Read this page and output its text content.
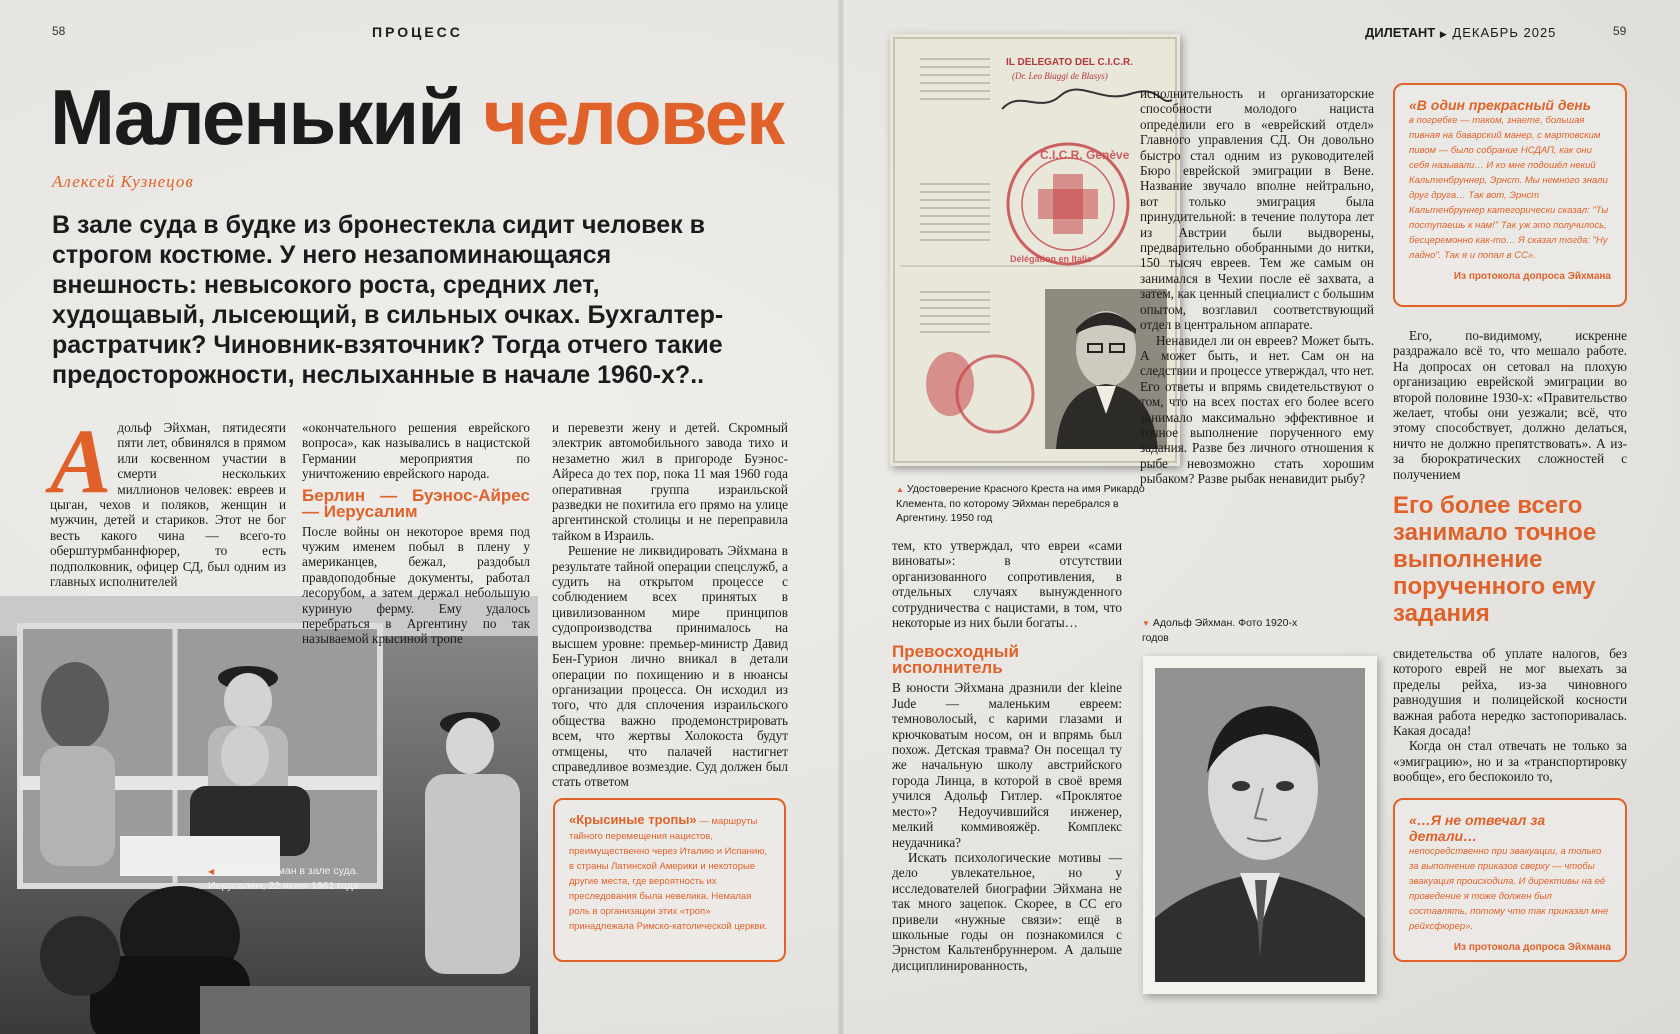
58	ПРОЦЕСС	ДИЛЕТАНТ ▶ ДЕКАБРЬ 2025	59
Маленький человек
Алексей Кузнецов
В зале суда в будке из бронестекла сидит человек в строгом костюме. У него незапоминающаяся внешность: невысокого роста, средних лет, худощавый, лысеющий, в сильных очках. Бухгалтер-растратчик? Чиновник-взяточник? Тогда отчего такие предосторожности, неслыханные в начале 1960-х?..
А дольф Эйхман, пятидесяти пяти лет, обвинялся в прямом или косвенном участии в смерти нескольких миллионов человек: евреев и цыган, чехов и поляков, женщин и мужчин, детей и стариков. Этот не бог весть какого чина — всего-то оберштурмбаннфюрер, то есть подполковник, офицер СД, был одним из главных исполнителей

◀ Адольф Эйхман в зале суда. Иерусалим, 22 июня 1961 года

«окончательного решения еврейского вопроса», как назывались в нацистской Германии мероприятия по уничтожению еврейского народа.

Берлин — Буэнос-Айрес — Иерусалим

После войны он некоторое время под чужим именем побыл в плену у американцев, бежал, раздобыл правдоподобные документы, работал лесорубом, а затем держал небольшую куриную ферму. Ему удалось перебраться в Аргентину по так называемой крысиной тропе

и перевезти жену и детей. Скромный электрик автомобильного завода тихо и незаметно жил в пригороде Буэнос-Айреса до тех пор, пока 11 мая 1960 года оперативная группа израильской разведки не похитила его прямо на улице аргентинской столицы и не переправила тайком в Израиль.

Решение не ликвидировать Эйхмана в результате тайной операции спецслужб, а судить на открытом процессе с соблюдением всех принятых в цивилизованном мире принципов судопроизводства принималось на высшем уровне: премьер-министр Давид Бен-Гурион лично вникал в детали операции по похищению и в нюансы организации процесса. Он исходил из того, что для сплочения израильского общества важно продемонстрировать всем, что жертвы Холокоста будут отмщены, что палачей настигнет справедливое возмездие. Суд должен был стать ответом

«Крысиные тропы» — маршруты тайного перемещения нацистов, преимущественно через Италию и Испанию, в страны Латинской Америки и некоторые другие места, где вероятность их преследования была невелика. Немалая роль в организации этих «троп» принадлежала Римско-католической церкви.
IL DELEGATO DEL C.I.C.R.
(Dr. Leo Biaggi de Blasys)
C.I.C.R. Genève
Délégation en Italie
▲ Удостоверение Красного Креста на имя Рикардо Клемента, по которому Эйхман перебрался в Аргентину. 1950 год

тем, кто утверждал, что евреи «сами виноваты»: в отсутствии организованного сопротивления, в отдельных случаях вынужденного сотрудничества с нацистами, в том, что некоторые из них были богаты…

Превосходный исполнитель

В юности Эйхмана дразнили der kleine Jude — маленьким евреем: темноволосый, с карими глазами и крючковатым носом, он и впрямь был похож. Детская травма? Он посещал ту же начальную школу австрийского города Линца, в которой в своё время учился Адольф Гитлер. «Проклятое место»? Недоучившийся инженер, мелкий коммивояжёр. Комплекс неудачника?

Искать психологические мотивы — дело увлекательное, но у исследователей биографии Эйхмана не так много зацепок. Скорее, в СС его привели «нужные связи»: ещё в школьные годы он познакомился с Эрнстом Кальтенбруннером. А дальше дисциплинированность,

исполнительность и организаторские способности молодого нациста определили его в «еврейский отдел» Главного управления СД. Он довольно быстро стал одним из руководителей Бюро еврейской эмиграции в Вене. Название звучало вполне нейтрально, вот только эмиграция была принудительной: в течение полутора лет из Австрии были выдворены, предварительно обобранными до нитки, 150 тысяч евреев. Тем же самым он занимался в Чехии после её захвата, а затем, как ценный специалист с большим опытом, возглавил соответствующий отдел в центральном аппарате.

Ненавидел ли он евреев? Может быть. А может быть, и нет. Сам он на следствии и процессе утверждал, что нет. Его ответы и впрямь свидетельствуют о том, что на всех постах его более всего занимало максимально эффективное и точное выполнение порученного ему задания. Разве без личного отношения к рыбе невозможно стать хорошим рыбаком? Разве рыбак ненавидит рыбу?

▼ Адольф Эйхман. Фото 1920-х годов
«В один прекрасный день
в погребке — таком, знаете, большая пивная на баварский манер, с мартовским пивом — было собрание НСДАП, как они себя называли… И ко мне подошёл некий Кальтенбруннер, Эрнст. Мы немного знали друг друга… Так вот, Эрнст Кальтенбруннер категорически сказал: "Ты поступаешь к нам!" Так уж это получилось, бесцеремонно как-то… Я сказал тогда: "Ну ладно". Так я и попал в СС».
Из протокола допроса Эйхмана

Его, по-видимому, искренне раздражало всё то, что мешало работе. На допросах он сетовал на плохую организацию еврейской эмиграции во второй половине 1930-х: «Правительство желает, чтобы они уезжали; всё, что этому способствует, должно делаться, ничто не должно препятствовать». А из-за бюрократических сложностей с получением

Его более всего занимало точное выполнение порученного ему задания

свидетельства об уплате налогов, без которого еврей не мог выехать за пределы рейха, из-за чиновного равнодушия и полицейской косности важная работа нередко застопоривалась. Какая досада!

Когда он стал отвечать не только за «эмиграцию», но и за «транспортировку вообще», его беспокоило то,

«…Я не отвечал за детали…
непосредственно при эвакуации, а только за выполнение приказов сверху — чтобы эвакуация происходила. И директивы на её проведение я тоже должен был составлять, потому что так приказал мне рейхсфюрер».
Из протокола допроса Эйхмана
